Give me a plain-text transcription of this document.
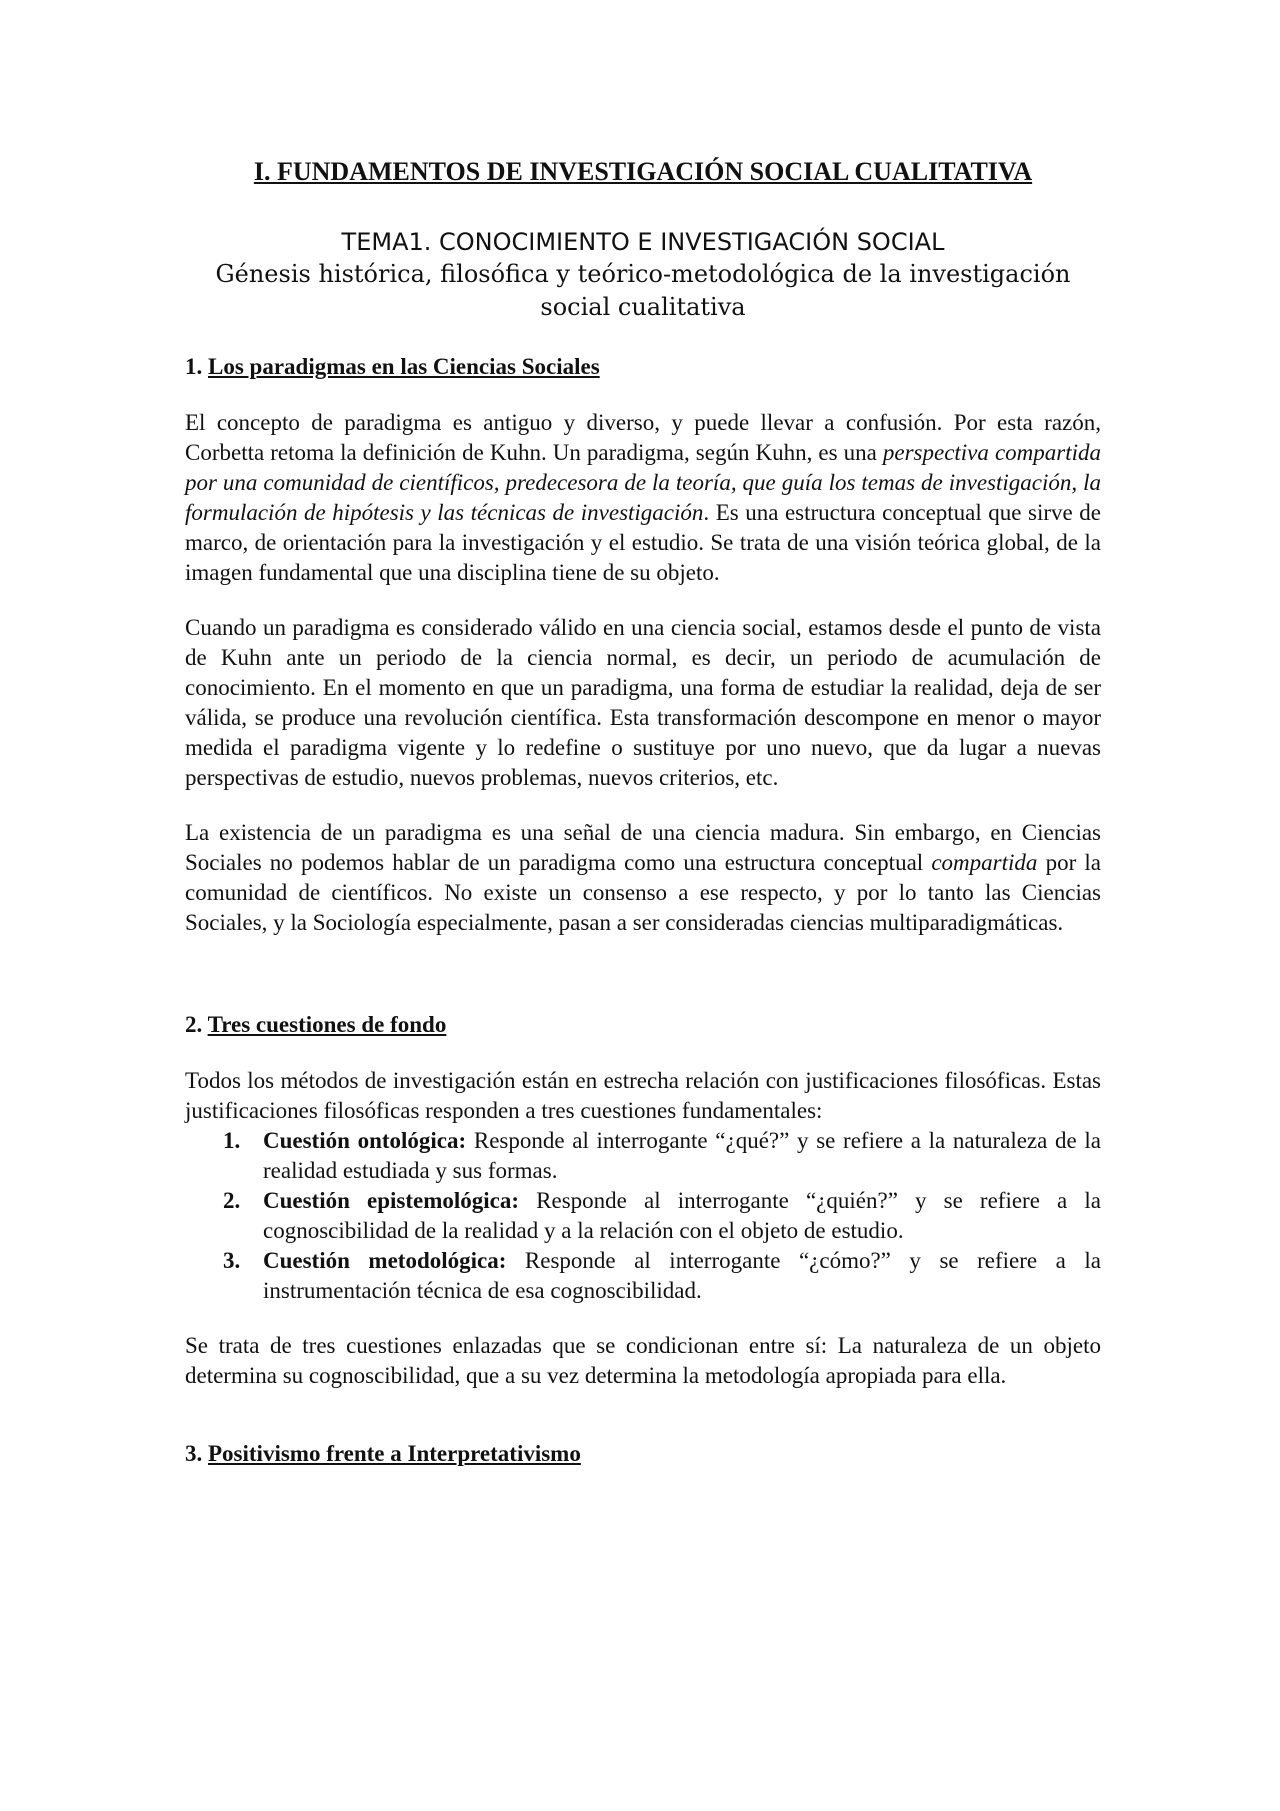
I. FUNDAMENTOS DE INVESTIGACIÓN SOCIAL CUALITATIVA
TEMA1. CONOCIMIENTO E INVESTIGACIÓN SOCIAL
Génesis histórica, filosófica y teórico-metodológica de la investigación
social cualitativa
1. Los paradigmas en las Ciencias Sociales

El concepto de paradigma es antiguo y diverso, y puede llevar a confusión. Por esta razón, Corbetta retoma la definición de Kuhn. Un paradigma, según Kuhn, es una perspectiva compartida por una comunidad de científicos, predecesora de la teoría, que guía los temas de investigación, la formulación de hipótesis y las técnicas de investigación. Es una estructura conceptual que sirve de marco, de orientación para la investigación y el estudio. Se trata de una visión teórica global, de la imagen fundamental que una disciplina tiene de su objeto.

Cuando un paradigma es considerado válido en una ciencia social, estamos desde el punto de vista de Kuhn ante un periodo de la ciencia normal, es decir, un periodo de acumulación de conocimiento. En el momento en que un paradigma, una forma de estudiar la realidad, deja de ser válida, se produce una revolución científica. Esta transformación descompone en menor o mayor medida el paradigma vigente y lo redefine o sustituye por uno nuevo, que da lugar a nuevas perspectivas de estudio, nuevos problemas, nuevos criterios, etc.

La existencia de un paradigma es una señal de una ciencia madura. Sin embargo, en Ciencias Sociales no podemos hablar de un paradigma como una estructura conceptual compartida por la comunidad de científicos. No existe un consenso a ese respecto, y por lo tanto las Ciencias Sociales, y la Sociología especialmente, pasan a ser consideradas ciencias multiparadigmáticas.

2. Tres cuestiones de fondo

Todos los métodos de investigación están en estrecha relación con justificaciones filosóficas. Estas justificaciones filosóficas responden a tres cuestiones fundamentales:

1. Cuestión ontológica: Responde al interrogante “¿qué?” y se refiere a la naturaleza de la realidad estudiada y sus formas.
2. Cuestión epistemológica: Responde al interrogante “¿quién?” y se refiere a la cognoscibilidad de la realidad y a la relación con el objeto de estudio.
3. Cuestión metodológica: Responde al interrogante “¿cómo?” y se refiere a la instrumentación técnica de esa cognoscibilidad.

Se trata de tres cuestiones enlazadas que se condicionan entre sí: La naturaleza de un objeto determina su cognoscibilidad, que a su vez determina la metodología apropiada para ella.

3. Positivismo frente a Interpretativismo
